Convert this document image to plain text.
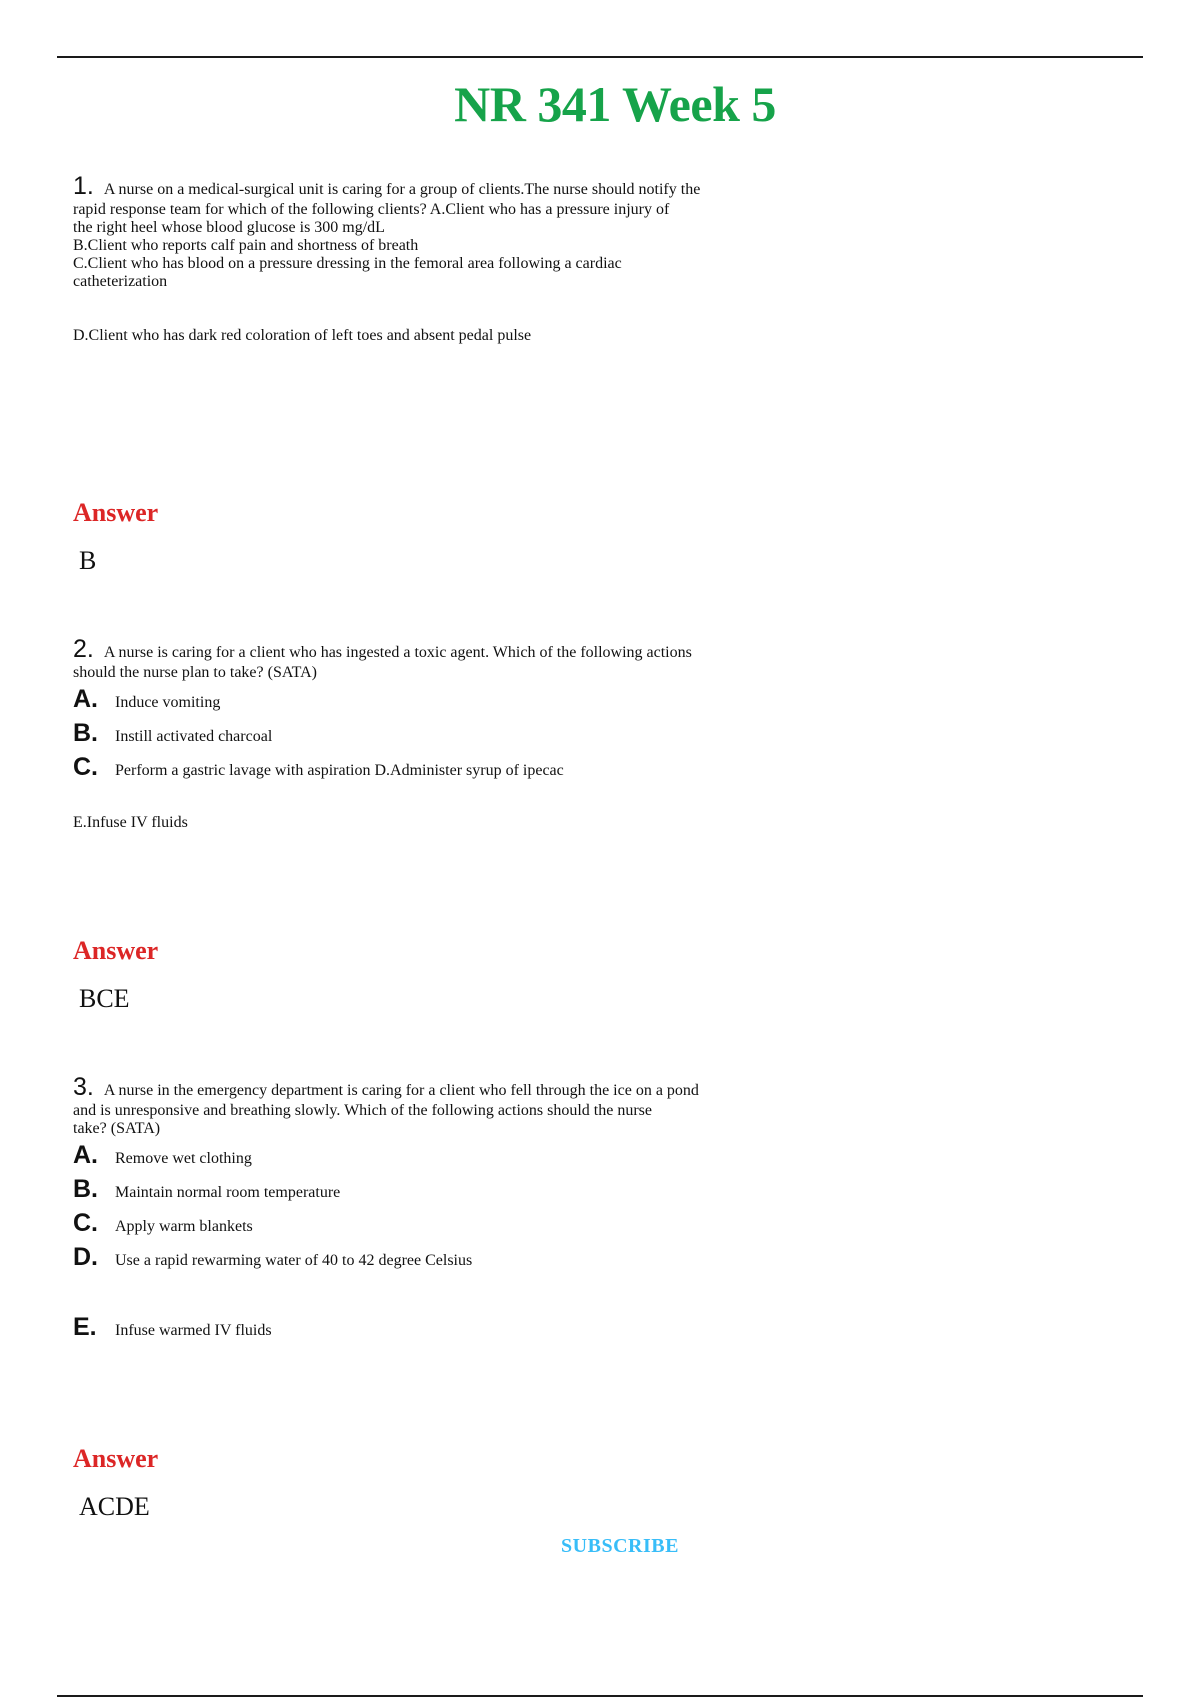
NR 341 Week 5
1. A nurse on a medical-surgical unit is caring for a group of clients.The nurse should notify the
rapid response team for which of the following clients? A.Client who has a pressure injury of
the right heel whose blood glucose is 300 mg/dL
B.Client who reports calf pain and shortness of breath
C.Client who has blood on a pressure dressing in the femoral area following a cardiac
catheterization
D.Client who has dark red coloration of left toes and absent pedal pulse
Answer
B
2. A nurse is caring for a client who has ingested a toxic agent. Which of the following actions
should the nurse plan to take? (SATA)
A. Induce vomiting
B. Instill activated charcoal
C. Perform a gastric lavage with aspiration D.Administer syrup of ipecac
E.Infuse IV fluids
Answer
BCE
3. A nurse in the emergency department is caring for a client who fell through the ice on a pond
and is unresponsive and breathing slowly. Which of the following actions should the nurse
take? (SATA)
A. Remove wet clothing
B. Maintain normal room temperature
C. Apply warm blankets
D. Use a rapid rewarming water of 40 to 42 degree Celsius
E. Infuse warmed IV fluids
Answer
ACDE
SUBSCRIBE
